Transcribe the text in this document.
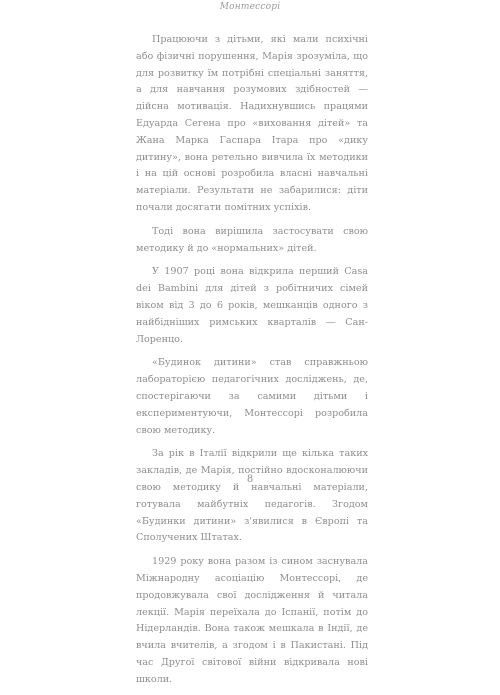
Монтессорі

Працюючи з дітьми, які мали психічні або фізичні порушення, Марія зрозуміла, що для розвитку їм потрібні спеціальні заняття, а для навчання розумових здібностей — дійсна мотивація. Надихнувшись працями Едуарда Сегена про «виховання дітей» та Жана Марка Гаспара Ітара про «дику дитину», вона ретельно вивчила їх методики і на цій основі розробила власні навчальні матеріали. Результати не забарилися: діти почали досягати помітних успіхів.

Тоді вона вирішила застосувати свою методику й до «нормальних» дітей.

У 1907 році вона відкрила перший Casa dei Bambini для дітей з робітничих сімей віком від 3 до 6 років, мешканців одного з найбідніших римських кварталів — Сан-Лоренцо.

«Будинок дитини» став справжньою лабораторією педагогічних досліджень, де, спостерігаючи за самими дітьми і експериментуючи, Монтессорі розробила свою методику.

За рік в Італії відкрили ще кілька таких закладів, де Марія, постійно вдосконалюючи свою методику й навчальні матеріали, готувала майбутніх педагогів. Згодом «Будинки дитини» з'явилися в Європі та Сполучених Штатах.

1929 року вона разом із сином заснувала Міжнародну асоціацію Монтессорі, де продовжувала свої дослідження й читала лекції. Марія переїхала до Іспанії, потім до Нідерландів. Вона також мешкала в Індії, де вчила вчителів, а згодом і в Пакистані. Під час Другої світової війни відкривала нові школи.

8
